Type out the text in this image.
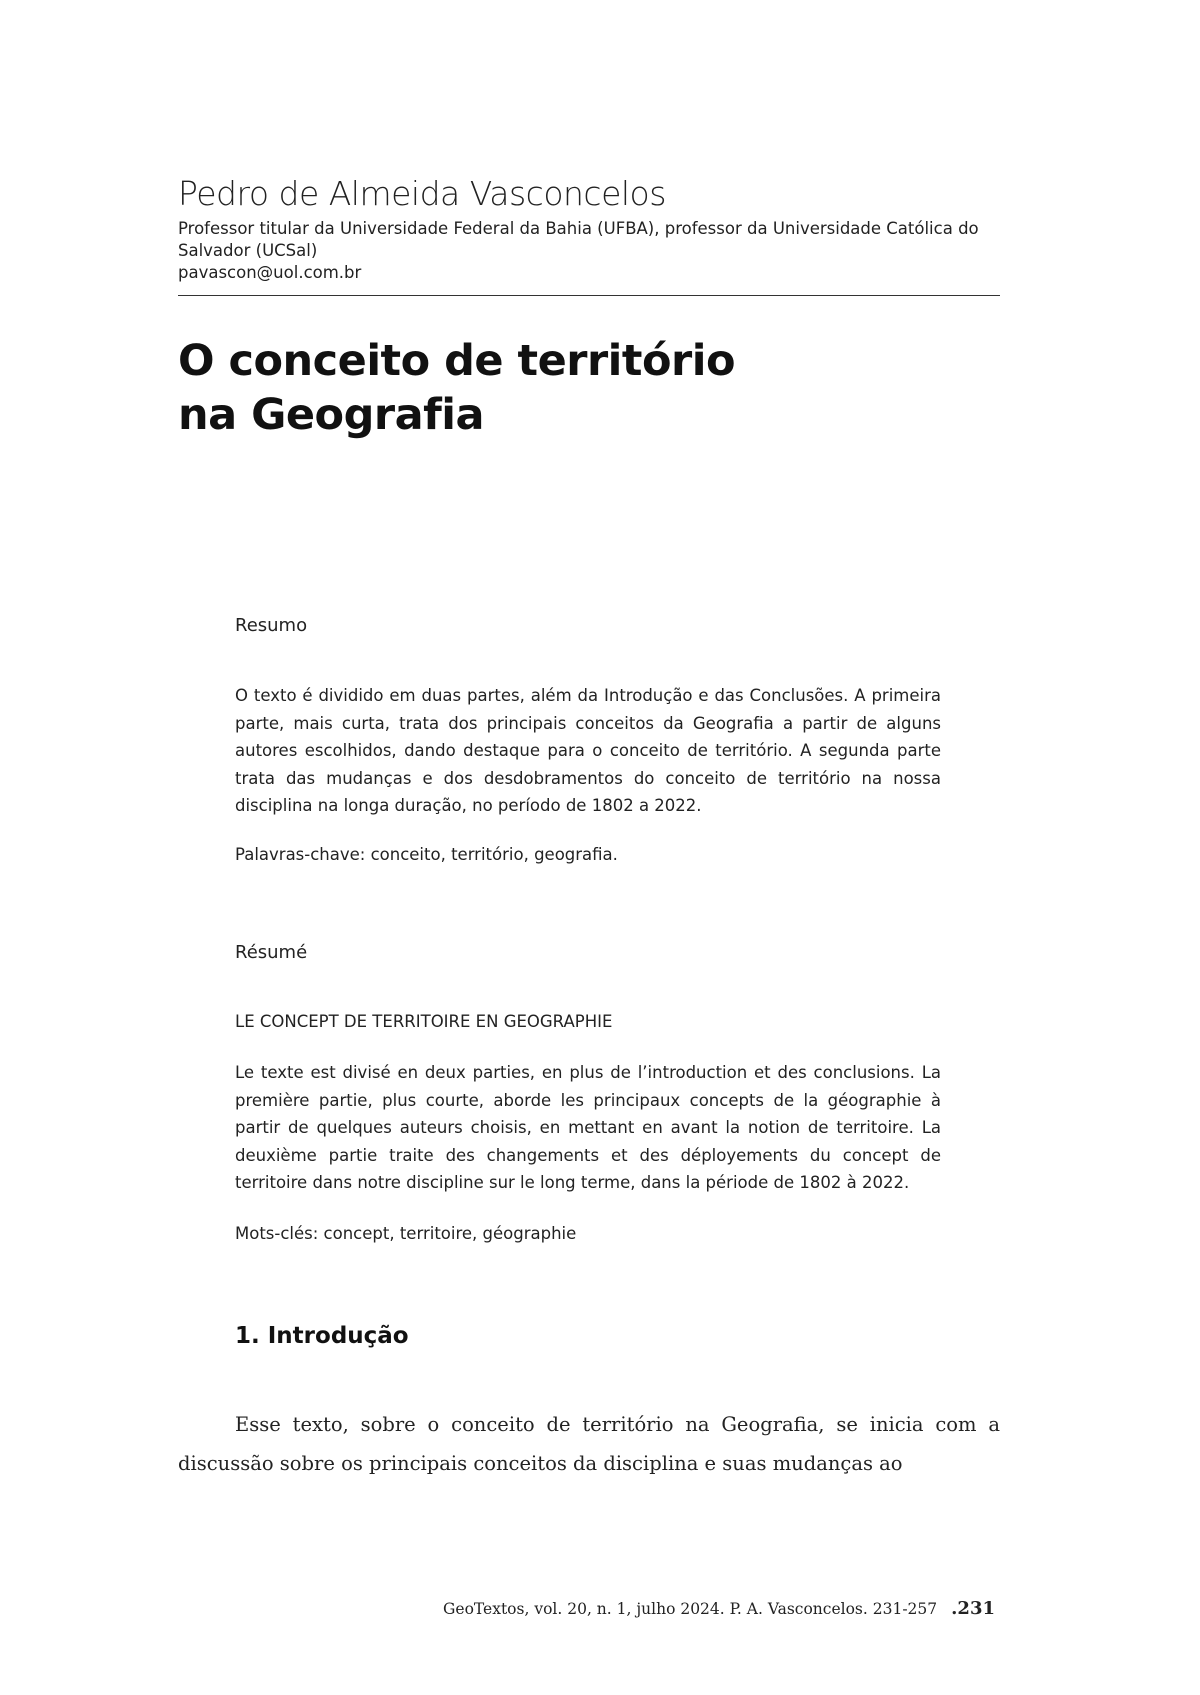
Pedro de Almeida Vasconcelos
Professor titular da Universidade Federal da Bahia (UFBA), professor da Universidade Católica do Salvador (UCSal)
pavascon@uol.com.br
O conceito de território
na Geografia
Resumo
O texto é dividido em duas partes, além da Introdução e das Conclusões. A primeira parte, mais curta, trata dos principais conceitos da Geografia a partir de alguns autores escolhidos, dando destaque para o conceito de território. A segunda parte trata das mudanças e dos desdobramentos do conceito de território na nossa disciplina na longa duração, no período de 1802 a 2022.
Palavras-chave: conceito, território, geografia.
Résumé
LE CONCEPT DE TERRITOIRE EN GEOGRAPHIE
Le texte est divisé en deux parties, en plus de l’introduction et des conclusions. La première partie, plus courte, aborde les principaux concepts de la géographie à partir de quelques auteurs choisis, en mettant en avant la notion de territoire. La deuxième partie traite des changements et des déployements du concept de territoire dans notre discipline sur le long terme, dans la période de 1802 à 2022.
Mots-clés: concept, territoire, géographie
1. Introdução
Esse texto, sobre o conceito de território na Geografia, se inicia com a discussão sobre os principais conceitos da disciplina e suas mudanças ao
GeoTextos, vol. 20, n. 1, julho 2024. P. A. Vasconcelos. 231-257 .231
